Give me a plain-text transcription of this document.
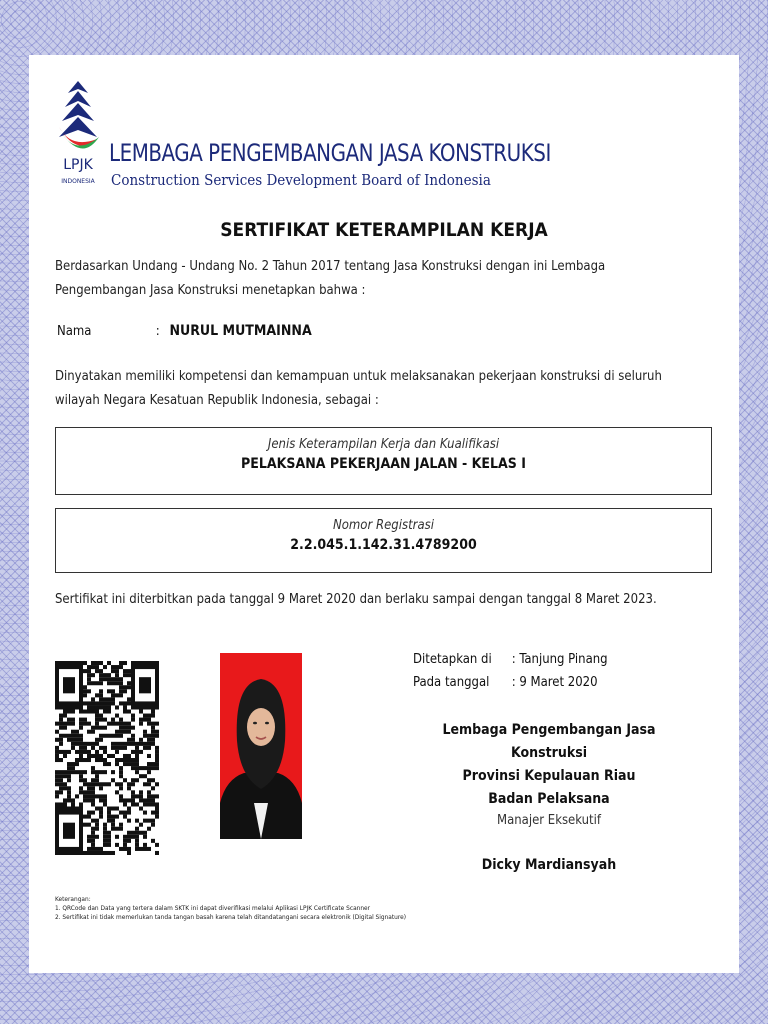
LPJK
INDONESIA
LEMBAGA PENGEMBANGAN JASA KONSTRUKSI
Construction Services Development Board of Indonesia
SERTIFIKAT KETERAMPILAN KERJA
Berdasarkan Undang - Undang No. 2 Tahun 2017 tentang Jasa Konstruksi dengan ini Lembaga Pengembangan Jasa Konstruksi menetapkan bahwa :
Nama	: NURUL MUTMAINNA
Dinyatakan memiliki kompetensi dan kemampuan untuk melaksanakan pekerjaan konstruksi di seluruh wilayah Negara Kesatuan Republik Indonesia, sebagai :
Jenis Keterampilan Kerja dan Kualifikasi
PELAKSANA PEKERJAAN JALAN - KELAS I
Nomor Registrasi
2.2.045.1.142.31.4789200
Sertifikat ini diterbitkan pada tanggal 9 Maret 2020 dan berlaku sampai dengan tanggal 8 Maret 2023.
Ditetapkan di : Tanjung Pinang
Pada tanggal : 9 Maret 2020
Lembaga Pengembangan Jasa Konstruksi
Provinsi Kepulauan Riau
Badan Pelaksana
Manajer Eksekutif
Dicky Mardiansyah
Keterangan:
1. QRCode dan Data yang tertera dalam SKTK ini dapat diverifikasi melalui Aplikasi LPJK Certificate Scanner
2. Sertifikat ini tidak memerlukan tanda tangan basah karena telah ditandatangani secara elektronik (Digital Signature)
